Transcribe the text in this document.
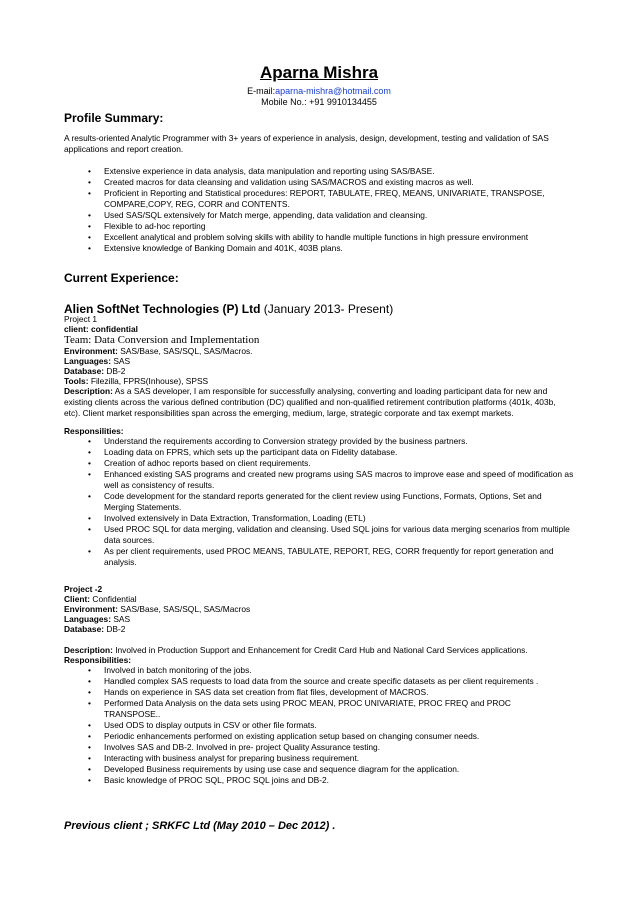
Aparna Mishra
E-mail:aparna-mishra@hotmail.com
Mobile No.: +91 9910134455
Profile Summary:
A results-oriented Analytic Programmer with 3+ years of experience in analysis, design, development, testing and validation of SAS
applications and report creation.
• Extensive experience in data analysis, data manipulation and reporting using SAS/BASE.
• Created macros for data cleansing and validation using SAS/MACROS and existing macros as well.
• Proficient in Reporting and Statistical procedures: REPORT, TABULATE, FREQ, MEANS, UNIVARIATE, TRANSPOSE, COMPARE,COPY, REG, CORR and CONTENTS.
• Used SAS/SQL extensively for Match merge, appending, data validation and cleansing.
• Flexible to ad-hoc reporting
• Excellent analytical and problem solving skills with ability to handle multiple functions in high pressure environment
• Extensive knowledge of Banking Domain and 401K, 403B plans.
Current Experience:
Alien SoftNet Technologies (P) Ltd (January 2013- Present)
Project 1
client: confidential
Team: Data Conversion and Implementation
Environment: SAS/Base, SAS/SQL, SAS/Macros.
Languages: SAS
Database: DB-2
Tools: Filezilla, FPRS(Inhouse), SPSS
Description: As a SAS developer, I am responsible for successfully analysing, converting and loading participant data for new and existing clients across the various defined contribution (DC) qualified and non-qualified retirement contribution platforms (401k, 403b, etc). Client market responsibilities span across the emerging, medium, large, strategic corporate and tax exempt markets.
Responsilities:
• Understand the requirements according to Conversion strategy provided by the business partners.
• Loading data on FPRS, which sets up the participant data on Fidelity database.
• Creation of adhoc reports based on client requirements.
• Enhanced existing SAS programs and created new programs using SAS macros to improve ease and speed of modification as well as consistency of results.
• Code development for the standard reports generated for the client review using Functions, Formats, Options, Set and Merging Statements.
• Involved extensively in Data Extraction, Transformation, Loading (ETL)
• Used PROC SQL for data merging, validation and cleansing. Used SQL joins for various data merging scenarios from multiple data sources.
• As per client requirements, used PROC MEANS, TABULATE, REPORT, REG, CORR frequently for report generation and analysis.
Project -2
Client: Confidential
Environment: SAS/Base, SAS/SQL, SAS/Macros
Languages: SAS
Database: DB-2
Description: Involved in Production Support and Enhancement for Credit Card Hub and National Card Services applications.
Responsibilities:
• Involved in batch monitoring of the jobs.
• Handled complex SAS requests to load data from the source and create specific datasets as per client requirements .
• Hands on experience in SAS data set creation from flat files, development of MACROS.
• Performed Data Analysis on the data sets using PROC MEAN, PROC UNIVARIATE, PROC FREQ and PROC TRANSPOSE..
• Used ODS to display outputs in CSV or other file formats.
• Periodic enhancements performed on existing application setup based on changing consumer needs.
• Involves SAS and DB-2. Involved in pre- project Quality Assurance testing.
• Interacting with business analyst for preparing business requirement.
• Developed Business requirements by using use case and sequence diagram for the application.
• Basic knowledge of PROC SQL, PROC SQL joins and DB-2.
Previous client ; SRKFC Ltd (May 2010 – Dec 2012) .
